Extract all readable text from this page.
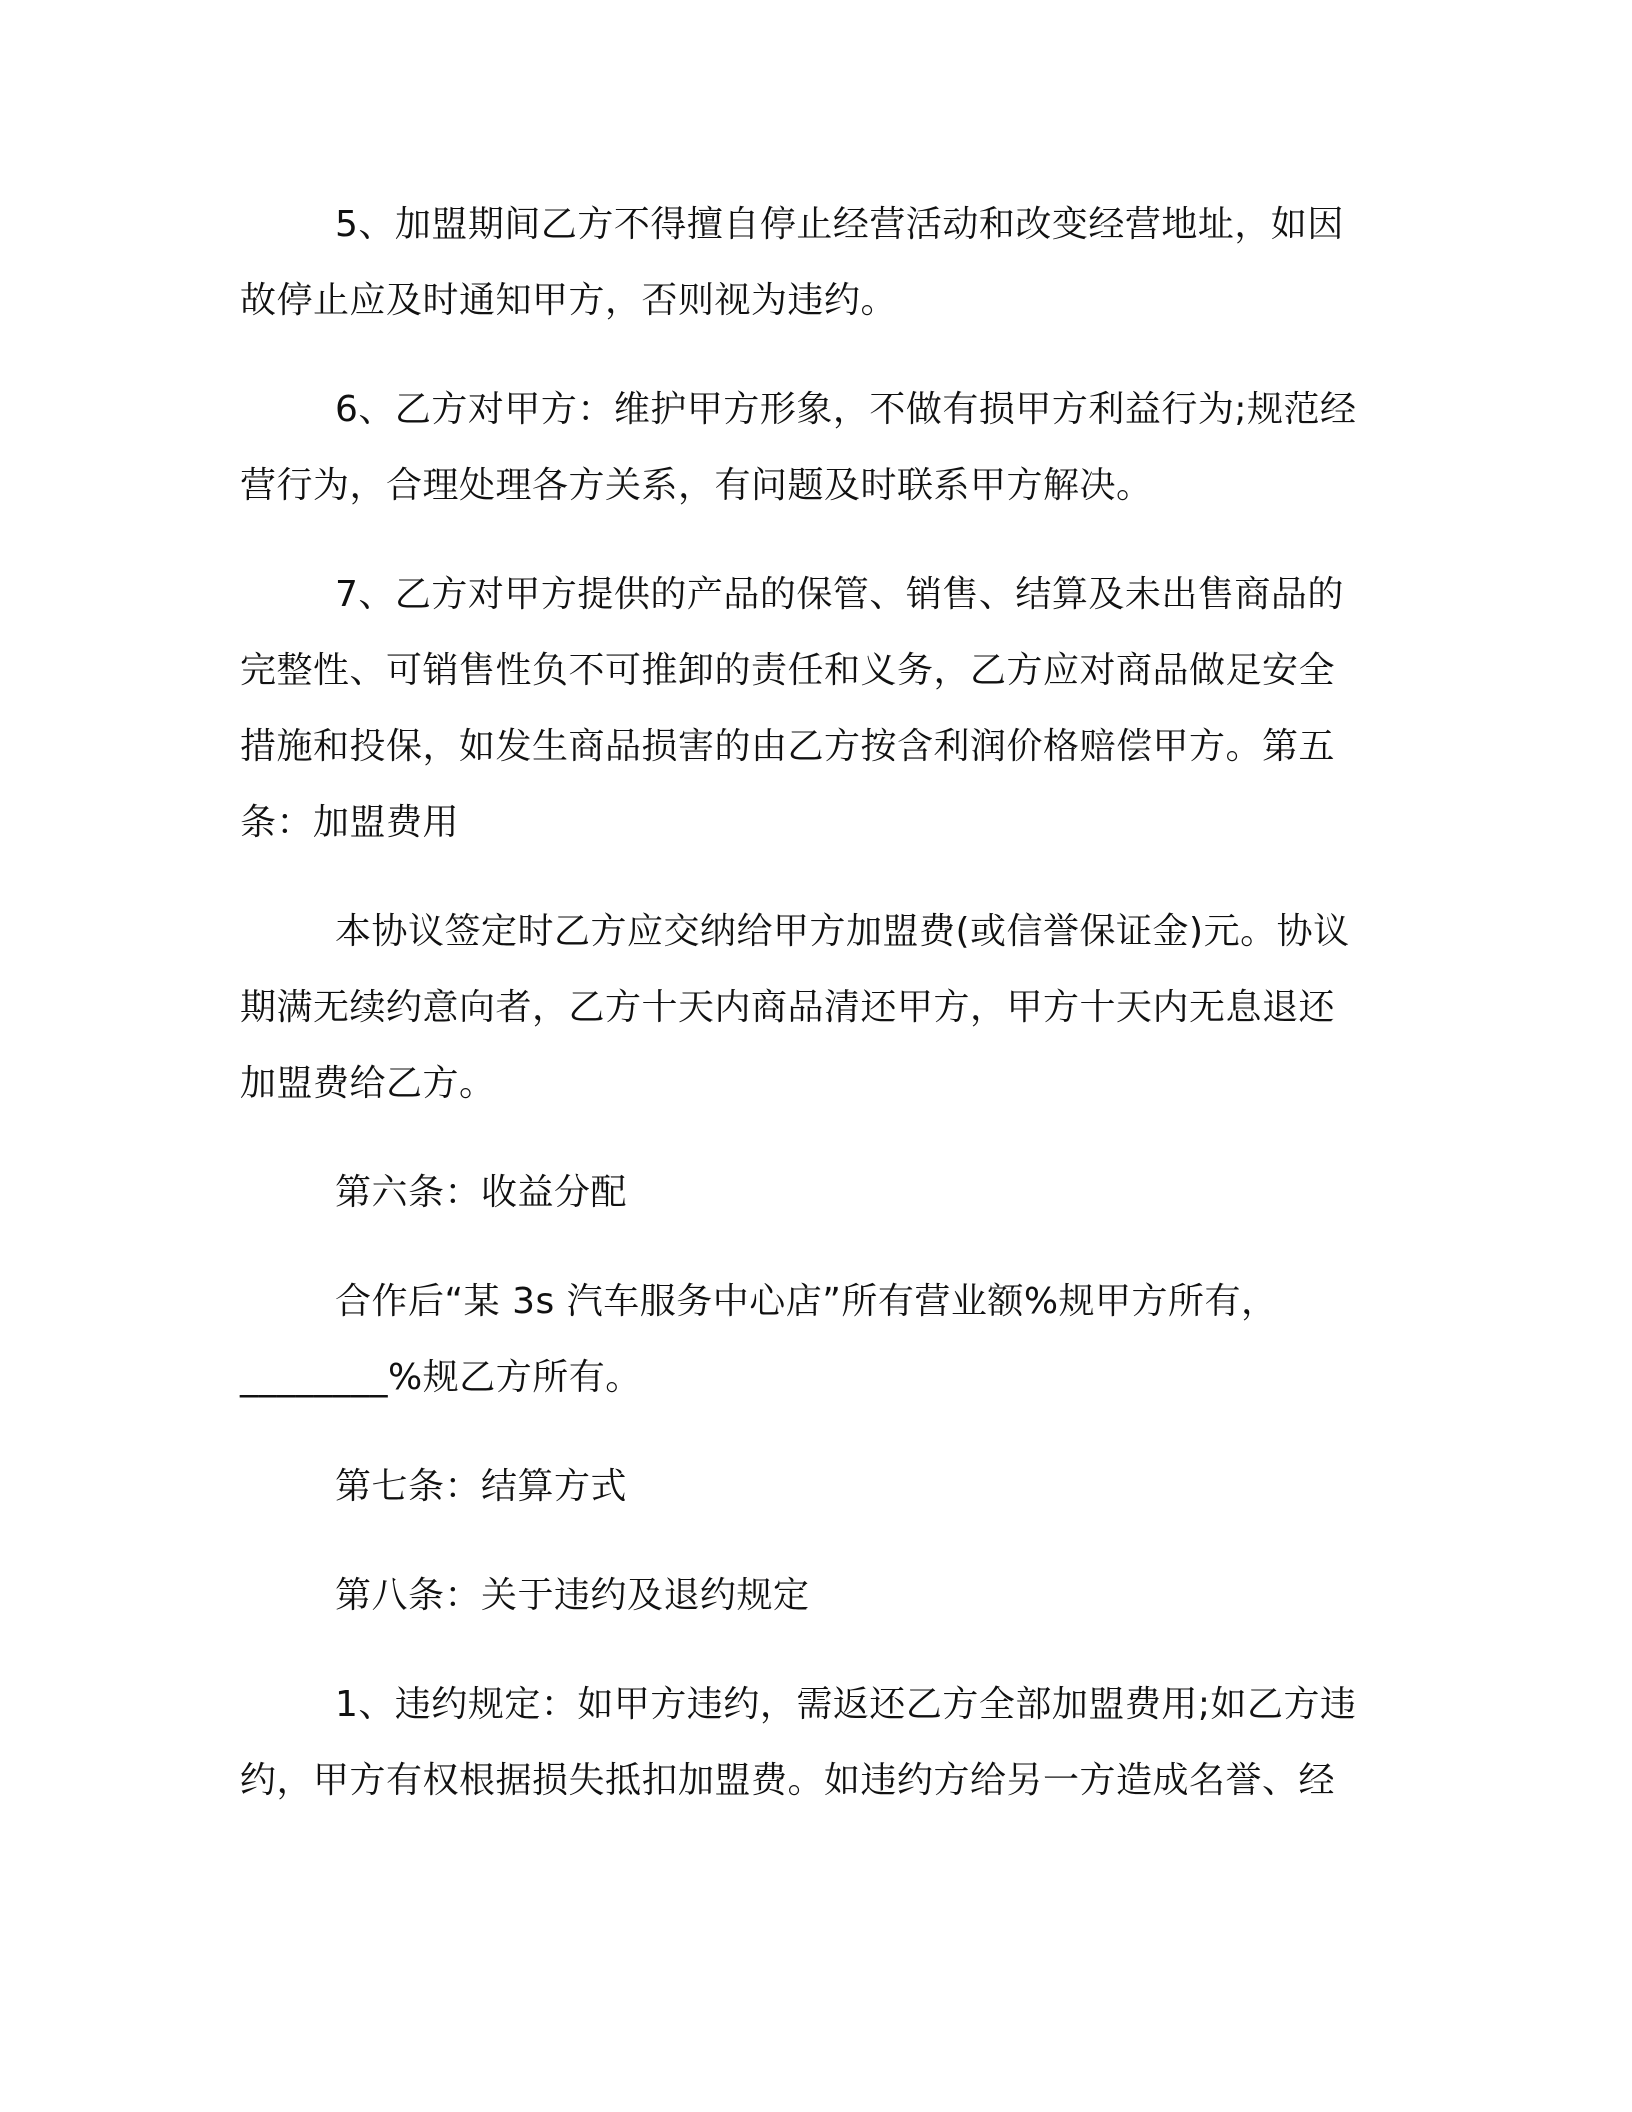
5、加盟期间乙方不得擅自停止经营活动和改变经营地址，如因
故停止应及时通知甲方，否则视为违约。
6、乙方对甲方：维护甲方形象，不做有损甲方利益行为;规范经
营行为，合理处理各方关系，有问题及时联系甲方解决。
7、乙方对甲方提供的产品的保管、销售、结算及未出售商品的
完整性、可销售性负不可推卸的责任和义务，乙方应对商品做足安全
措施和投保，如发生商品损害的由乙方按含利润价格赔偿甲方。第五
条：加盟费用
本协议签定时乙方应交纳给甲方加盟费(或信誉保证金)元。协议
期满无续约意向者，乙方十天内商品清还甲方，甲方十天内无息退还
加盟费给乙方。
第六条：收益分配
合作后“某 3s 汽车服务中心店”所有营业额%规甲方所有，
________%规乙方所有。
第七条：结算方式
第八条：关于违约及退约规定
1、违约规定：如甲方违约，需返还乙方全部加盟费用;如乙方违
约，甲方有权根据损失抵扣加盟费。如违约方给另一方造成名誉、经
